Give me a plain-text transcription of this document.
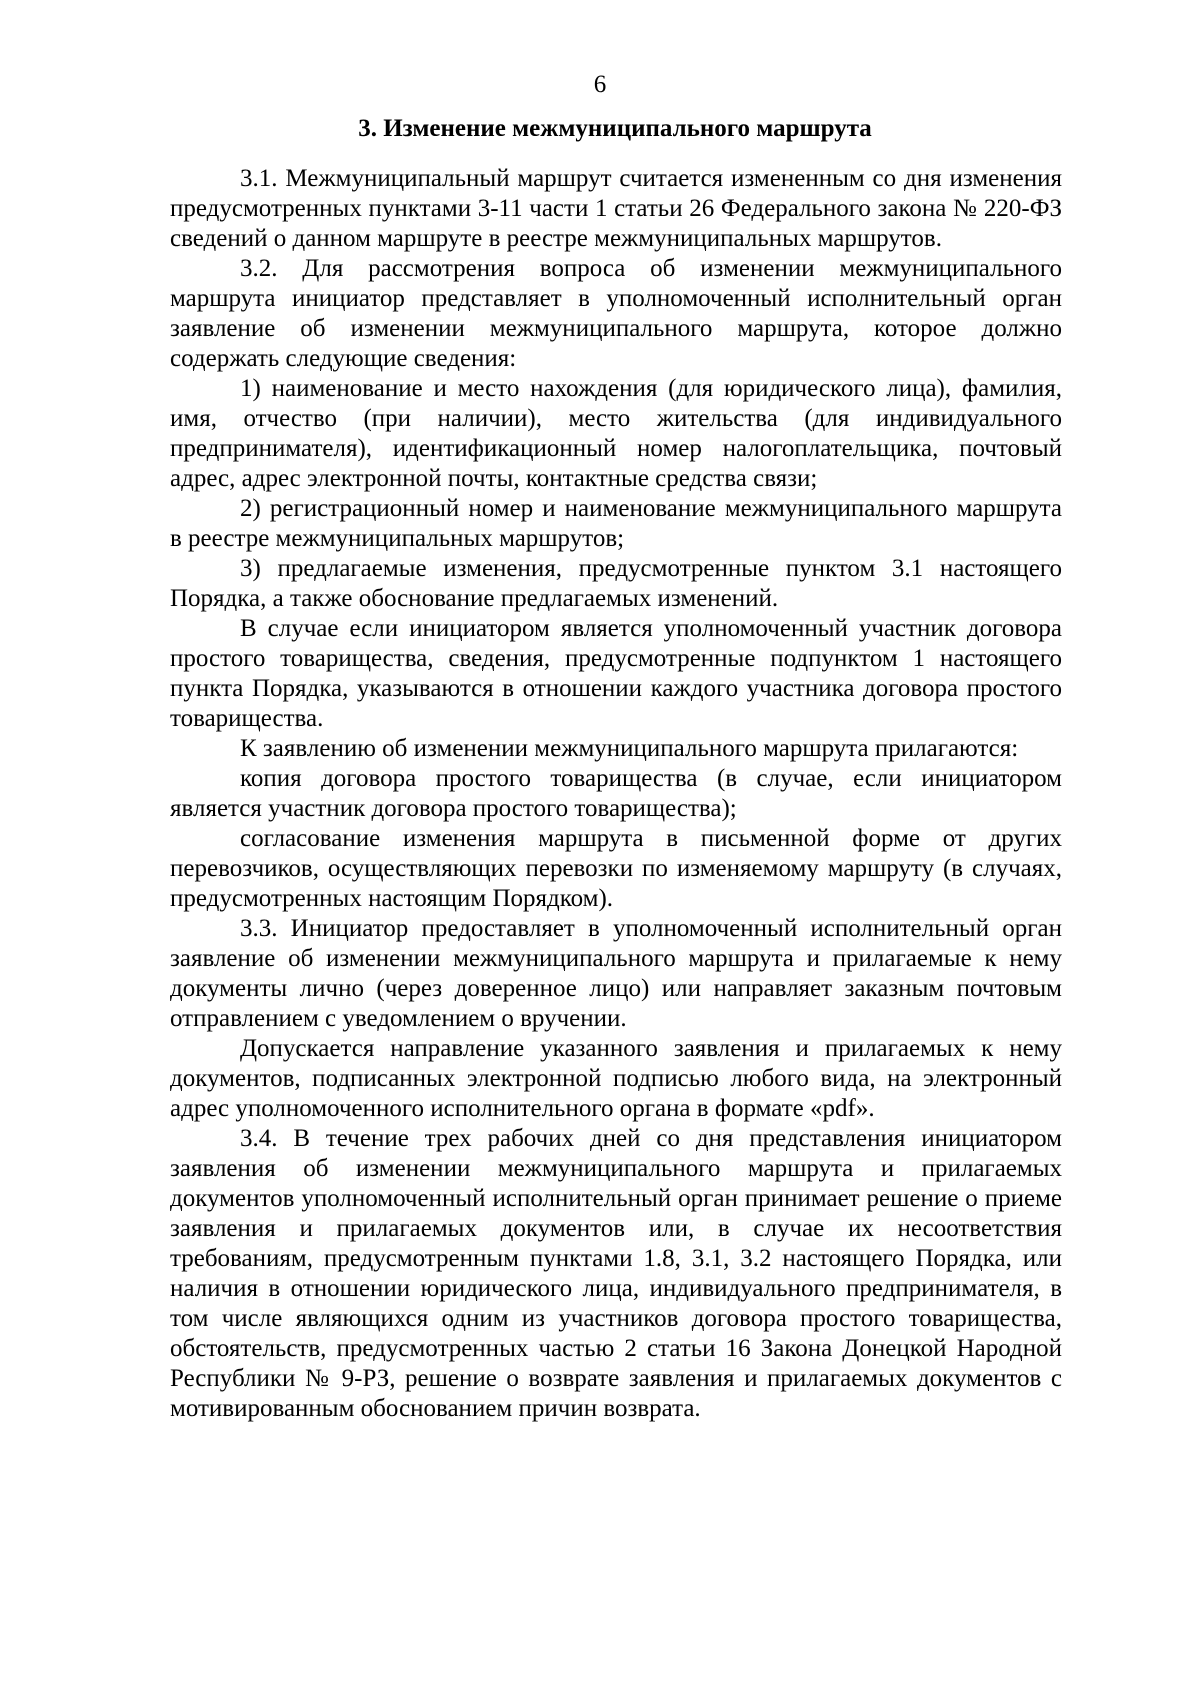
6
3. Изменение межмуниципального маршрута

3.1. Межмуниципальный маршрут считается измененным со дня изменения предусмотренных пунктами 3-11 части 1 статьи 26 Федерального закона № 220-ФЗ сведений о данном маршруте в реестре межмуниципальных маршрутов.

3.2. Для рассмотрения вопроса об изменении межмуниципального маршрута инициатор представляет в уполномоченный исполнительный орган заявление об изменении межмуниципального маршрута, которое должно содержать следующие сведения:

1) наименование и место нахождения (для юридического лица), фамилия, имя, отчество (при наличии), место жительства (для индивидуального предпринимателя), идентификационный номер налогоплательщика, почтовый адрес, адрес электронной почты, контактные средства связи;

2) регистрационный номер и наименование межмуниципального маршрута в реестре межмуниципальных маршрутов;

3) предлагаемые изменения, предусмотренные пунктом 3.1 настоящего Порядка, а также обоснование предлагаемых изменений.

В случае если инициатором является уполномоченный участник договора простого товарищества, сведения, предусмотренные подпунктом 1 настоящего пункта Порядка, указываются в отношении каждого участника договора простого товарищества.

К заявлению об изменении межмуниципального маршрута прилагаются:

копия договора простого товарищества (в случае, если инициатором является участник договора простого товарищества);

согласование изменения маршрута в письменной форме от других перевозчиков, осуществляющих перевозки по изменяемому маршруту (в случаях, предусмотренных настоящим Порядком).

3.3. Инициатор предоставляет в уполномоченный исполнительный орган заявление об изменении межмуниципального маршрута и прилагаемые к нему документы лично (через доверенное лицо) или направляет заказным почтовым отправлением с уведомлением о вручении.

Допускается направление указанного заявления и прилагаемых к нему документов, подписанных электронной подписью любого вида, на электронный адрес уполномоченного исполнительного органа в формате «pdf».

3.4. В течение трех рабочих дней со дня представления инициатором заявления об изменении межмуниципального маршрута и прилагаемых документов уполномоченный исполнительный орган принимает решение о приеме заявления и прилагаемых документов или, в случае их несоответствия требованиям, предусмотренным пунктами 1.8, 3.1, 3.2 настоящего Порядка, или наличия в отношении юридического лица, индивидуального предпринимателя, в том числе являющихся одним из участников договора простого товарищества, обстоятельств, предусмотренных частью 2 статьи 16 Закона Донецкой Народной Республики № 9-РЗ, решение о возврате заявления и прилагаемых документов с мотивированным обоснованием причин возврата.
